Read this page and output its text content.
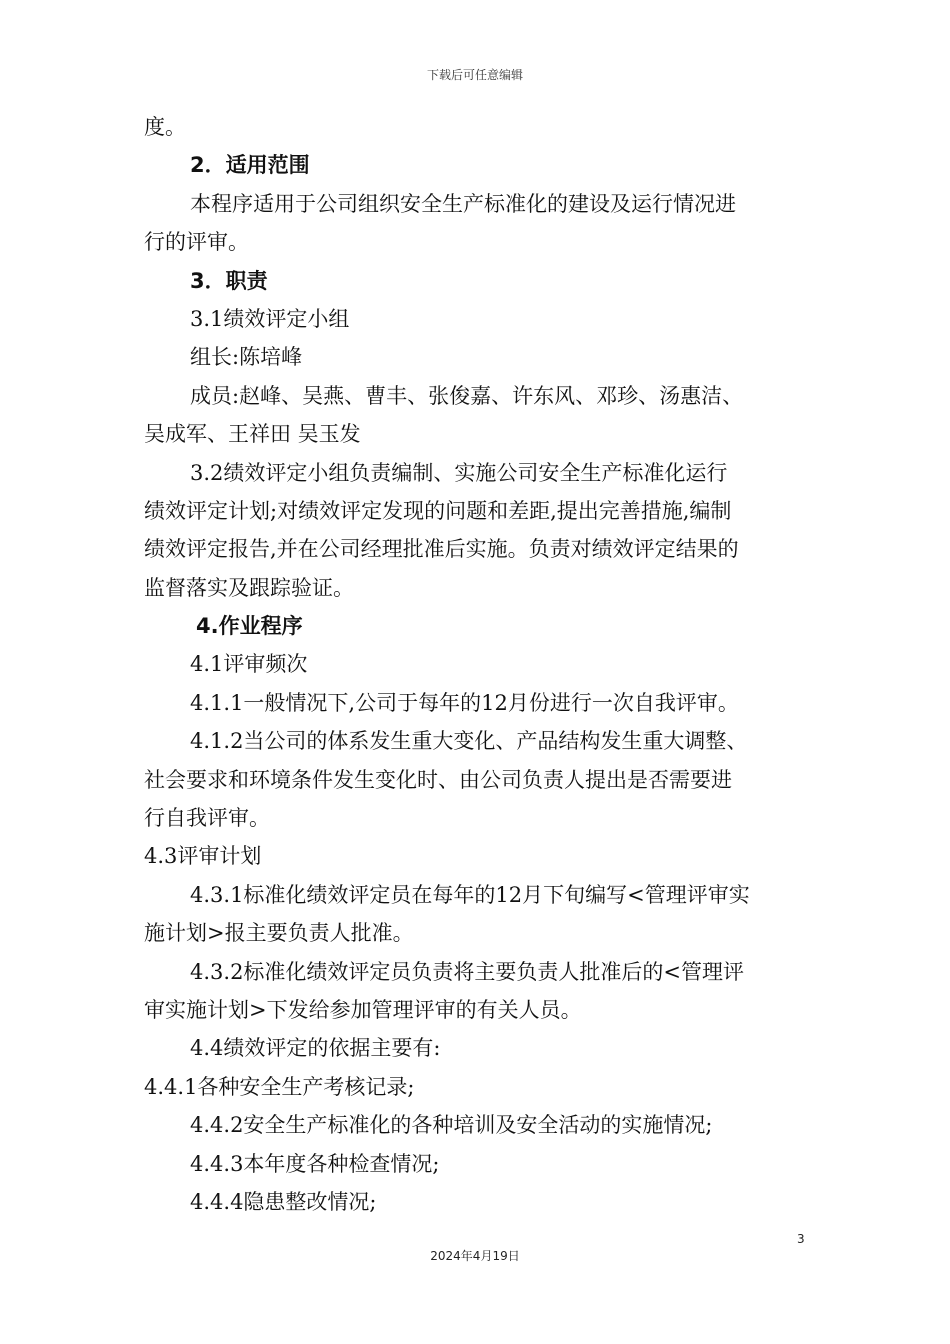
下载后可任意编辑
度。
2．适用范围
本程序适用于公司组织安全生产标准化的建设及运行情况进
行的评审。
3．职责
3.1绩效评定小组
组长:陈培峰
成员:赵峰、吴燕、曹丰、张俊嘉、许东风、邓珍、汤惠洁、
吴成军、王祥田 吴玉发
3.2绩效评定小组负责编制、实施公司安全生产标准化运行
绩效评定计划;对绩效评定发现的问题和差距,提出完善措施,编制
绩效评定报告,并在公司经理批准后实施。负责对绩效评定结果的
监督落实及跟踪验证。
4.作业程序
4.1评审频次
4.1.1一般情况下,公司于每年的12月份进行一次自我评审。
4.1.2当公司的体系发生重大变化、产品结构发生重大调整、
社会要求和环境条件发生变化时、由公司负责人提出是否需要进
行自我评审。
4.3评审计划
4.3.1标准化绩效评定员在每年的12月下旬编写<管理评审实
施计划>报主要负责人批准。
4.3.2标准化绩效评定员负责将主要负责人批准后的<管理评
审实施计划>下发给参加管理评审的有关人员。
4.4绩效评定的依据主要有:
4.4.1各种安全生产考核记录;
4.4.2安全生产标准化的各种培训及安全活动的实施情况;
4.4.3本年度各种检查情况;
4.4.4隐患整改情况;
3
2024年4月19日
